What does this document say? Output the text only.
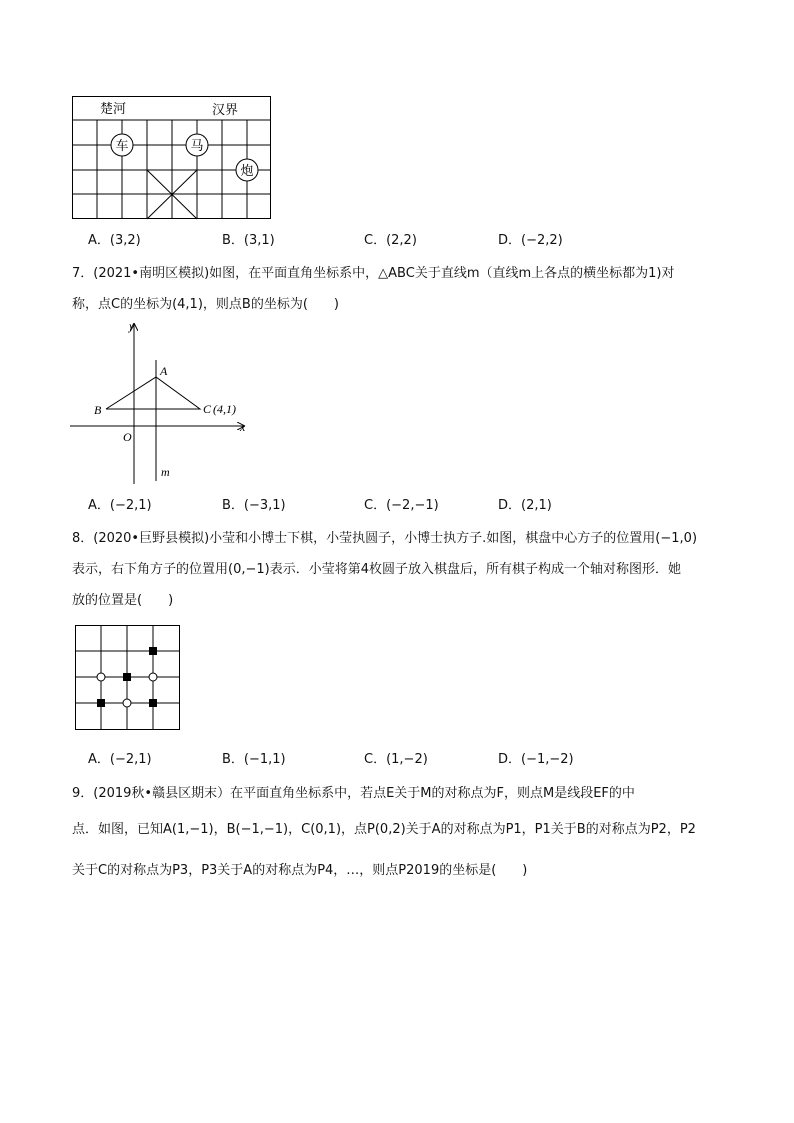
楚河	汉界
车	马
炮
A．(3,2)	B．(3,1)	C．(2,2)	D．(−2,2)
7．(2021•南明区模拟)如图，在平面直角坐标系中，△ABC关于直线m（直线m上各点的横坐标都为1)对
称，点C的坐标为(4,1)，则点B的坐标为(　　)
y
x
O
A
B	C (4,1)
m
A．(−2,1)	B．(−3,1)	C．(−2,−1)	D．(2,1)
8．(2020•巨野县模拟)小莹和小博士下棋，小莹执圆子，小博士执方子.如图，棋盘中心方子的位置用(−1,0)
表示，右下角方子的位置用(0,−1)表示．小莹将第4枚圆子放入棋盘后，所有棋子构成一个轴对称图形．她
放的位置是(　　)
A．(−2,1)	B．(−1,1)	C．(1,−2)	D．(−1,−2)
9．(2019秋•赣县区期末）在平面直角坐标系中，若点E关于M的对称点为F，则点M是线段EF的中
点．如图，已知A(1,−1)，B(−1,−1)，C(0,1)，点P(0,2)关于A的对称点为P1，P1关于B的对称点为P2，P2
关于C的对称点为P3，P3关于A的对称点为P4，…，则点P2019的坐标是(　　)
